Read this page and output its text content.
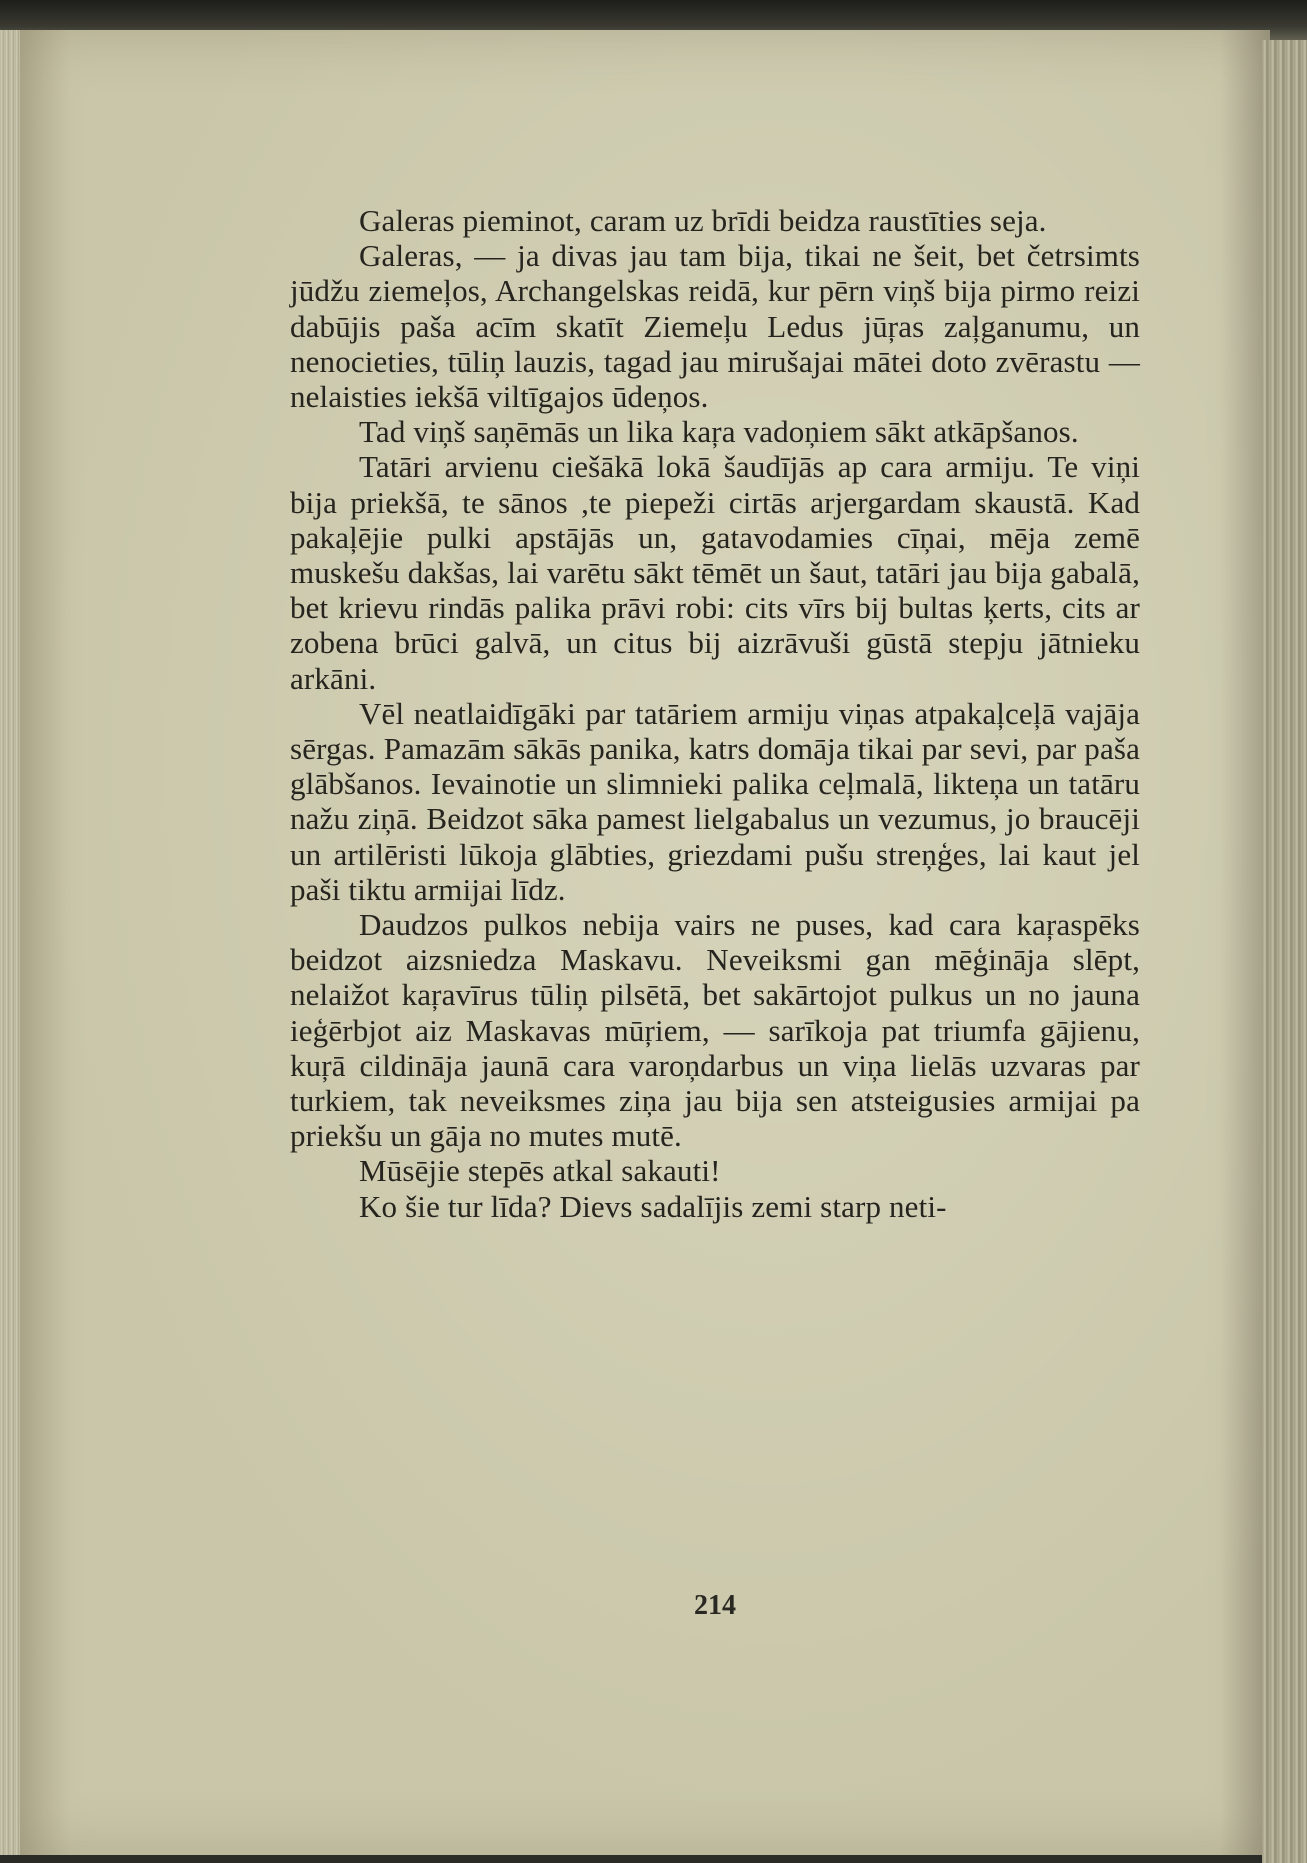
Galeras pieminot, caram uz brīdi beidza raustīties seja.

Galeras, — ja divas jau tam bija, tikai ne šeit, bet četrsimts jūdžu ziemeļos, Archangelskas reidā, kur pērn viņš bija pirmo reizi dabūjis paša acīm skatīt Ziemeļu Ledus jūŗas zaļganumu, un nenocieties, tūliņ lauzis, tagad jau mirušajai mātei doto zvērastu — nelaisties iekšā viltīgajos ūdeņos.

Tad viņš saņēmās un lika kaŗa vadoņiem sākt atkāpšanos.

Tatāri arvienu ciešākā lokā šaudījās ap cara armiju. Te viņi bija priekšā, te sānos ,te piepeži cirtās arjergardam skaustā. Kad pakaļējie pulki apstājās un, gatavodamies cīņai, mēja zemē muskešu dakšas, lai varētu sākt tēmēt un šaut, tatāri jau bija gabalā, bet krievu rindās palika prāvi robi: cits vīrs bij bultas ķerts, cits ar zobena brūci galvā, un citus bij aizrāvuši gūstā stepju jātnieku arkāni.

Vēl neatlaidīgāki par tatāriem armiju viņas atpakaļceļā vajāja sērgas. Pamazām sākās panika, katrs domāja tikai par sevi, par paša glābšanos. Ievainotie un slimnieki palika ceļmalā, likteņa un tatāru nažu ziņā. Beidzot sāka pamest lielgabalus un vezumus, jo braucēji un artilēristi lūkoja glābties, griezdami pušu streņģes, lai kaut jel paši tiktu armijai līdz.

Daudzos pulkos nebija vairs ne puses, kad cara kaŗaspēks beidzot aizsniedza Maskavu. Neveiksmi gan mēģināja slēpt, nelaižot kaŗavīrus tūliņ pilsētā, bet sakārtojot pulkus un no jauna ieģērbjot aiz Maskavas mūŗiem, — sarīkoja pat triumfa gājienu, kuŗā cildināja jaunā cara varoņdarbus un viņa lielās uzvaras par turkiem, tak neveiksmes ziņa jau bija sen atsteigusies armijai pa priekšu un gāja no mutes mutē.

Mūsējie stepēs atkal sakauti!

Ko šie tur līda? Dievs sadalījis zemi starp neti-

214
